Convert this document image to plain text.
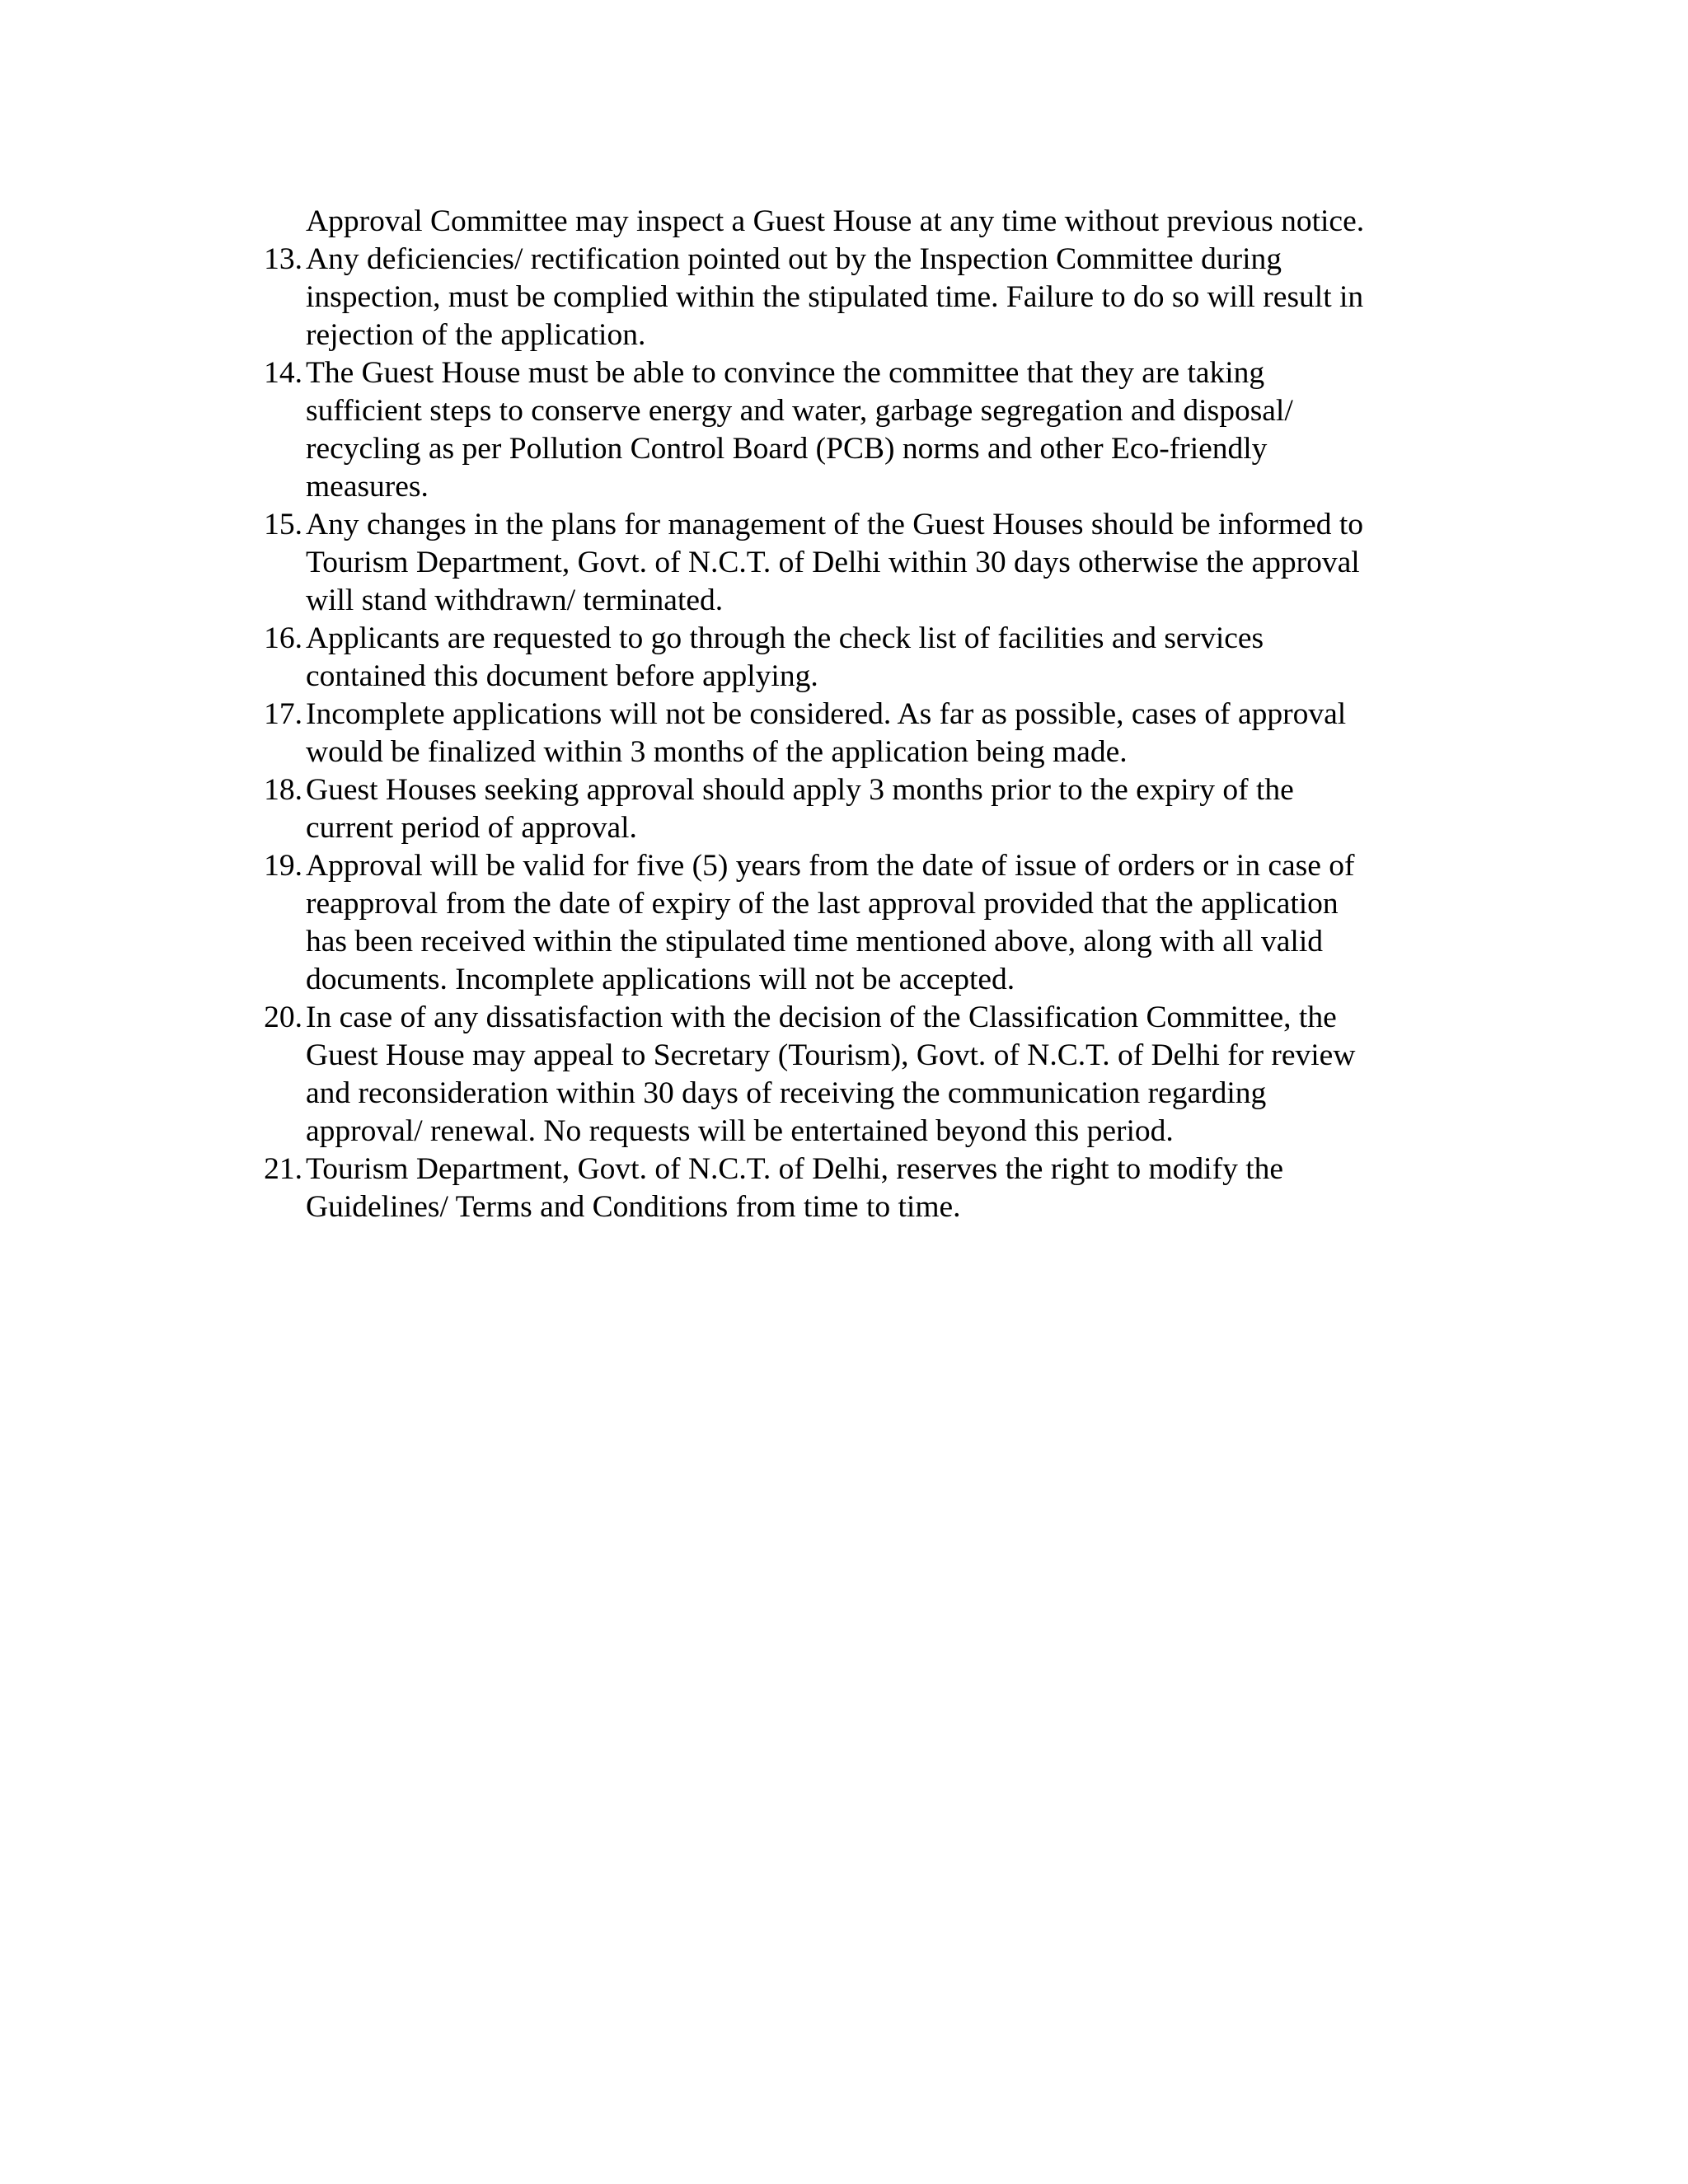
Approval Committee may inspect a Guest House at any time without previous notice.
13. Any deficiencies/ rectification pointed out by the Inspection Committee during
inspection, must be complied within the stipulated time. Failure to do so will result in
rejection of the application.
14. The Guest House must be able to convince the committee that they are taking
sufficient steps to conserve energy and water, garbage segregation and disposal/
recycling as per Pollution Control Board (PCB) norms and other Eco-friendly
measures.
15. Any changes in the plans for management of the Guest Houses should be informed to
Tourism Department, Govt. of N.C.T. of Delhi within 30 days otherwise the approval
will stand withdrawn/ terminated.
16. Applicants are requested to go through the check list of facilities and services
contained this document before applying.
17. Incomplete applications will not be considered. As far as possible, cases of approval
would be finalized within 3 months of the application being made.
18. Guest Houses seeking approval should apply 3 months prior to the expiry of the
current period of approval.
19. Approval will be valid for five (5) years from the date of issue of orders or in case of
reapproval from the date of expiry of the last approval provided that the application
has been received within the stipulated time mentioned above, along with all valid
documents. Incomplete applications will not be accepted.
20. In case of any dissatisfaction with the decision of the Classification Committee, the
Guest House may appeal to Secretary (Tourism), Govt. of N.C.T. of Delhi for review
and reconsideration within 30 days of receiving the communication regarding
approval/ renewal. No requests will be entertained beyond this period.
21. Tourism Department, Govt. of N.C.T. of Delhi, reserves the right to modify the
Guidelines/ Terms and Conditions from time to time.
